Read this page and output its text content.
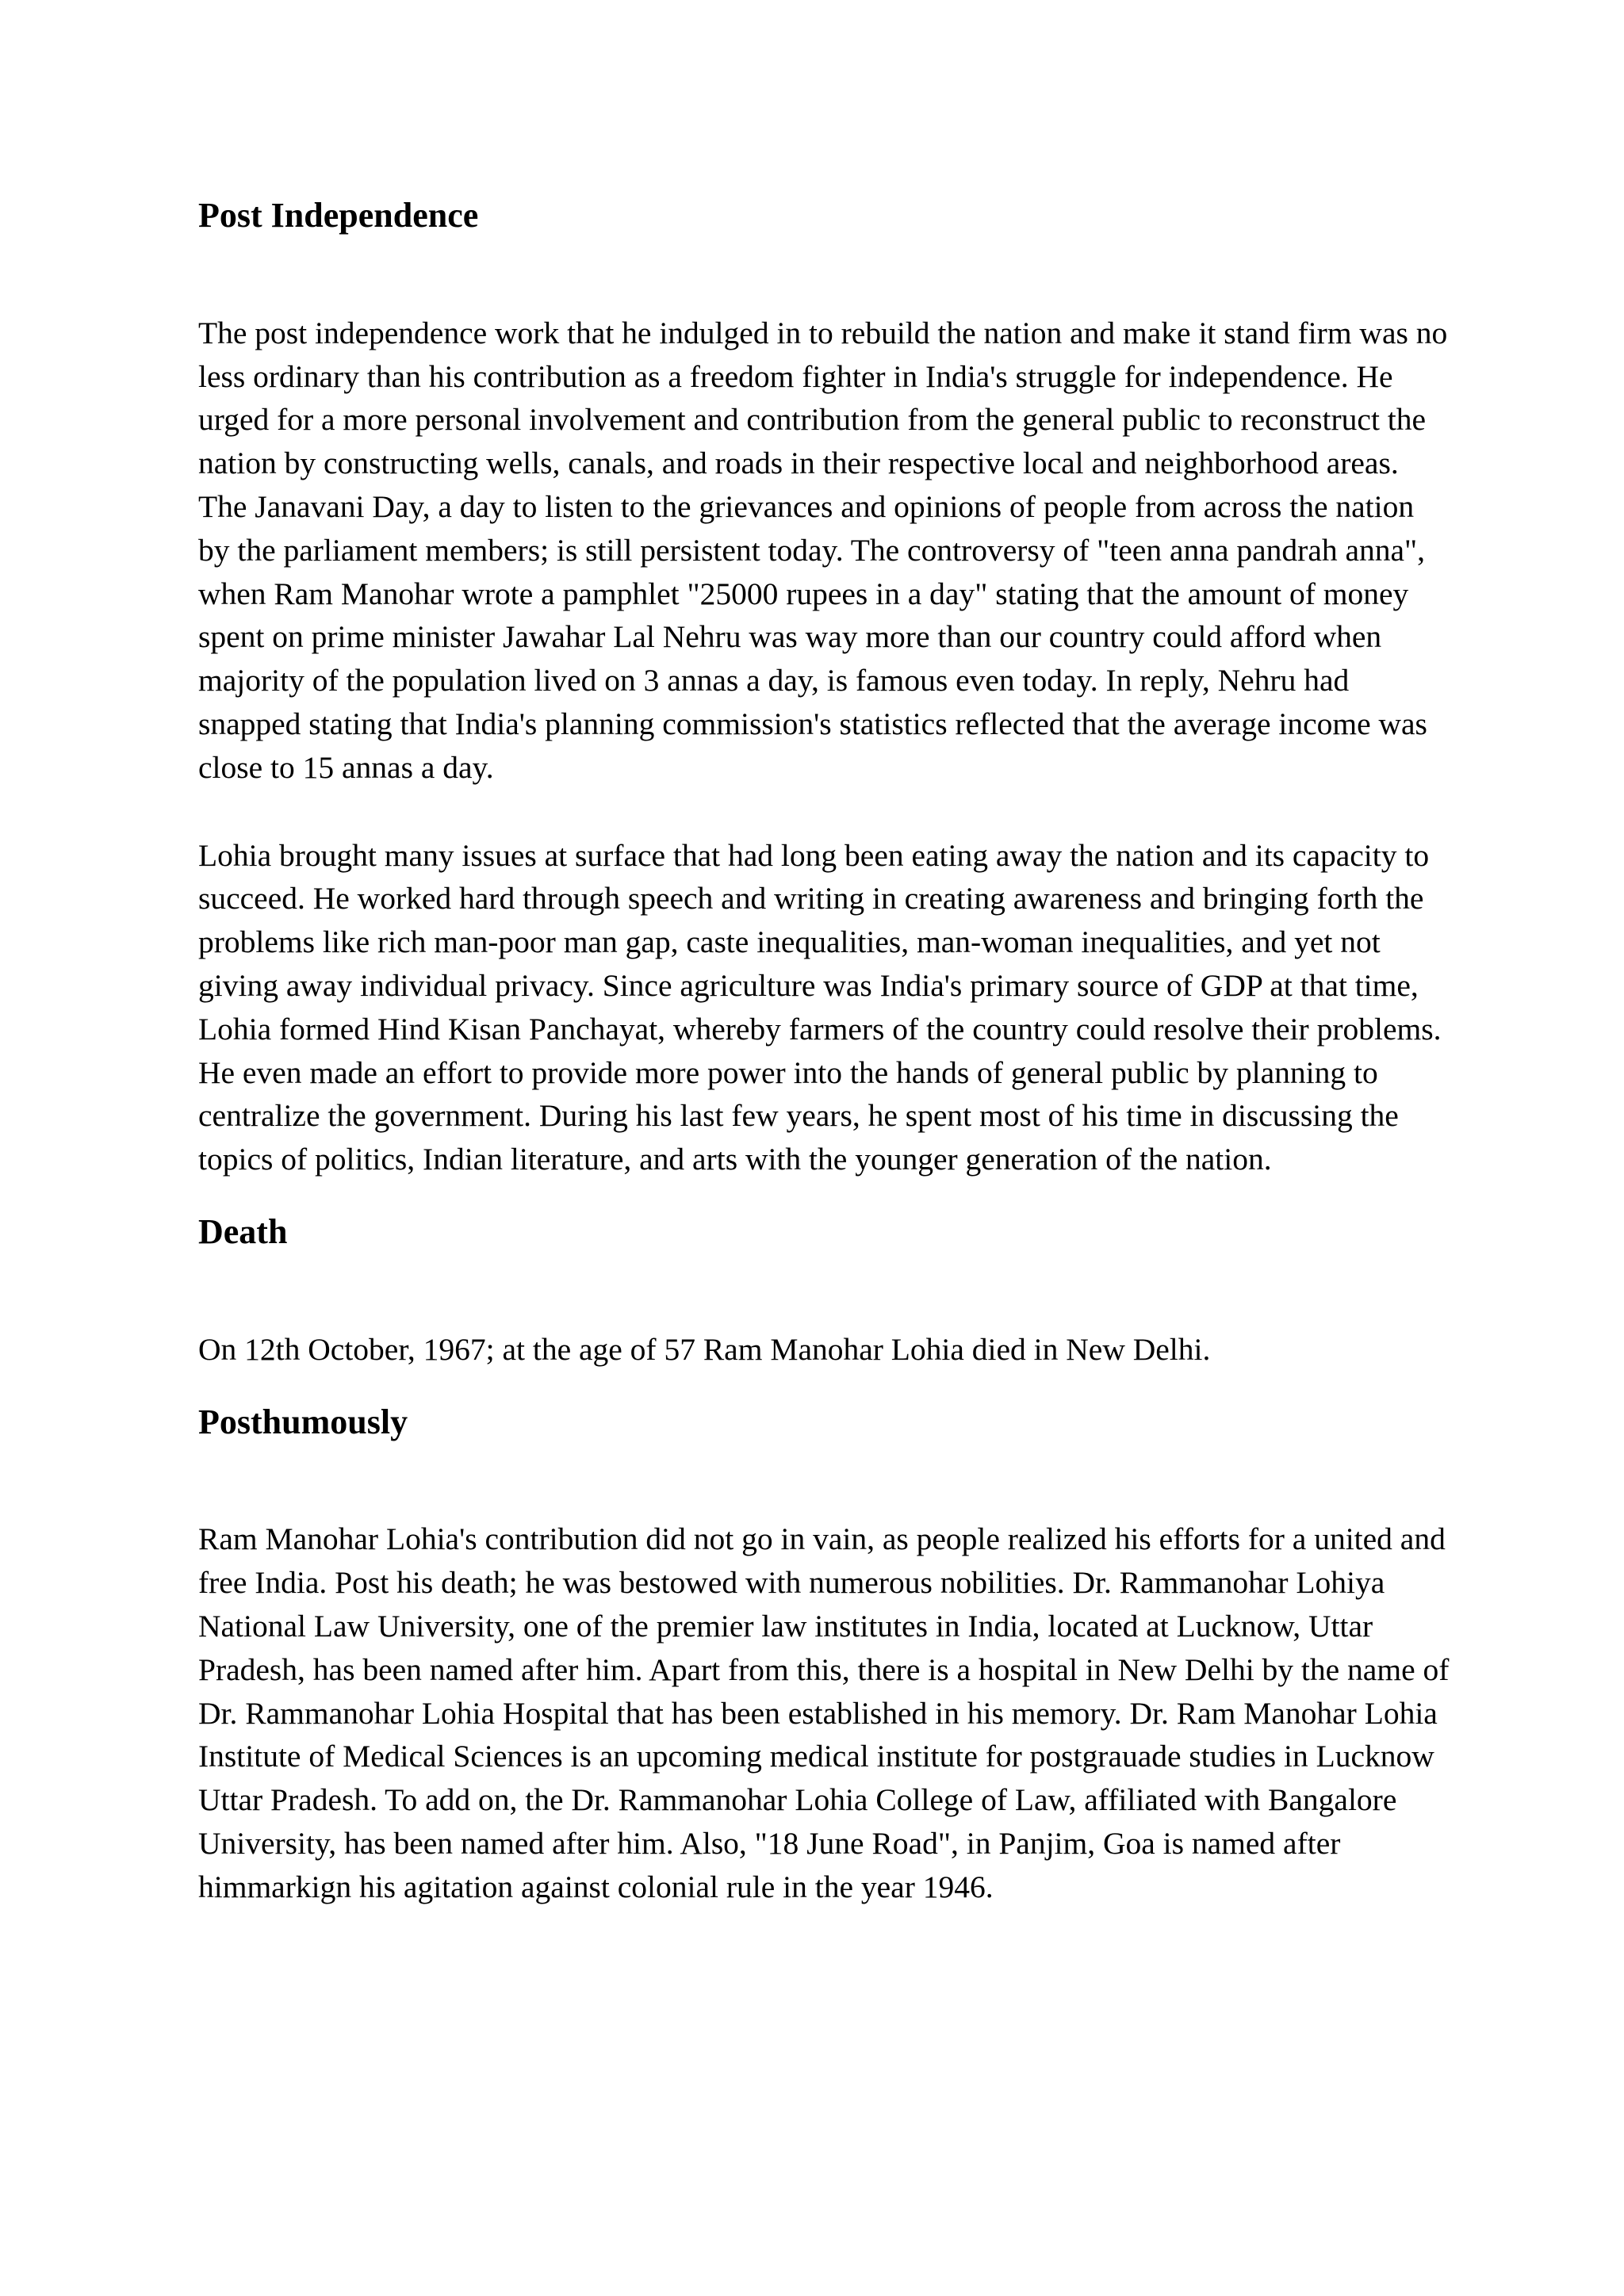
Post Independence

The post independence work that he indulged in to rebuild the nation and make it stand firm was no less ordinary than his contribution as a freedom fighter in India's struggle for independence. He urged for a more personal involvement and contribution from the general public to reconstruct the nation by constructing wells, canals, and roads in their respective local and neighborhood areas. The Janavani Day, a day to listen to the grievances and opinions of people from across the nation by the parliament members; is still persistent today. The controversy of "teen anna pandrah anna", when Ram Manohar wrote a pamphlet "25000 rupees in a day" stating that the amount of money spent on prime minister Jawahar Lal Nehru was way more than our country could afford when majority of the population lived on 3 annas a day, is famous even today. In reply, Nehru had snapped stating that India's planning commission's statistics reflected that the average income was close to 15 annas a day.

Lohia brought many issues at surface that had long been eating away the nation and its capacity to succeed. He worked hard through speech and writing in creating awareness and bringing forth the problems like rich man-poor man gap, caste inequalities, man-woman inequalities, and yet not giving away individual privacy. Since agriculture was India's primary source of GDP at that time, Lohia formed Hind Kisan Panchayat, whereby farmers of the country could resolve their problems. He even made an effort to provide more power into the hands of general public by planning to centralize the government. During his last few years, he spent most of his time in discussing the topics of politics, Indian literature, and arts with the younger generation of the nation.

Death

On 12th October, 1967; at the age of 57 Ram Manohar Lohia died in New Delhi.

Posthumously

Ram Manohar Lohia's contribution did not go in vain, as people realized his efforts for a united and free India. Post his death; he was bestowed with numerous nobilities. Dr. Rammanohar Lohiya National Law University, one of the premier law institutes in India, located at Lucknow, Uttar Pradesh, has been named after him. Apart from this, there is a hospital in New Delhi by the name of Dr. Rammanohar Lohia Hospital that has been established in his memory. Dr. Ram Manohar Lohia Institute of Medical Sciences is an upcoming medical institute for postgrauade studies in Lucknow Uttar Pradesh. To add on, the Dr. Rammanohar Lohia College of Law, affiliated with Bangalore University, has been named after him. Also, "18 June Road", in Panjim, Goa is named after himmarkign his agitation against colonial rule in the year 1946.
